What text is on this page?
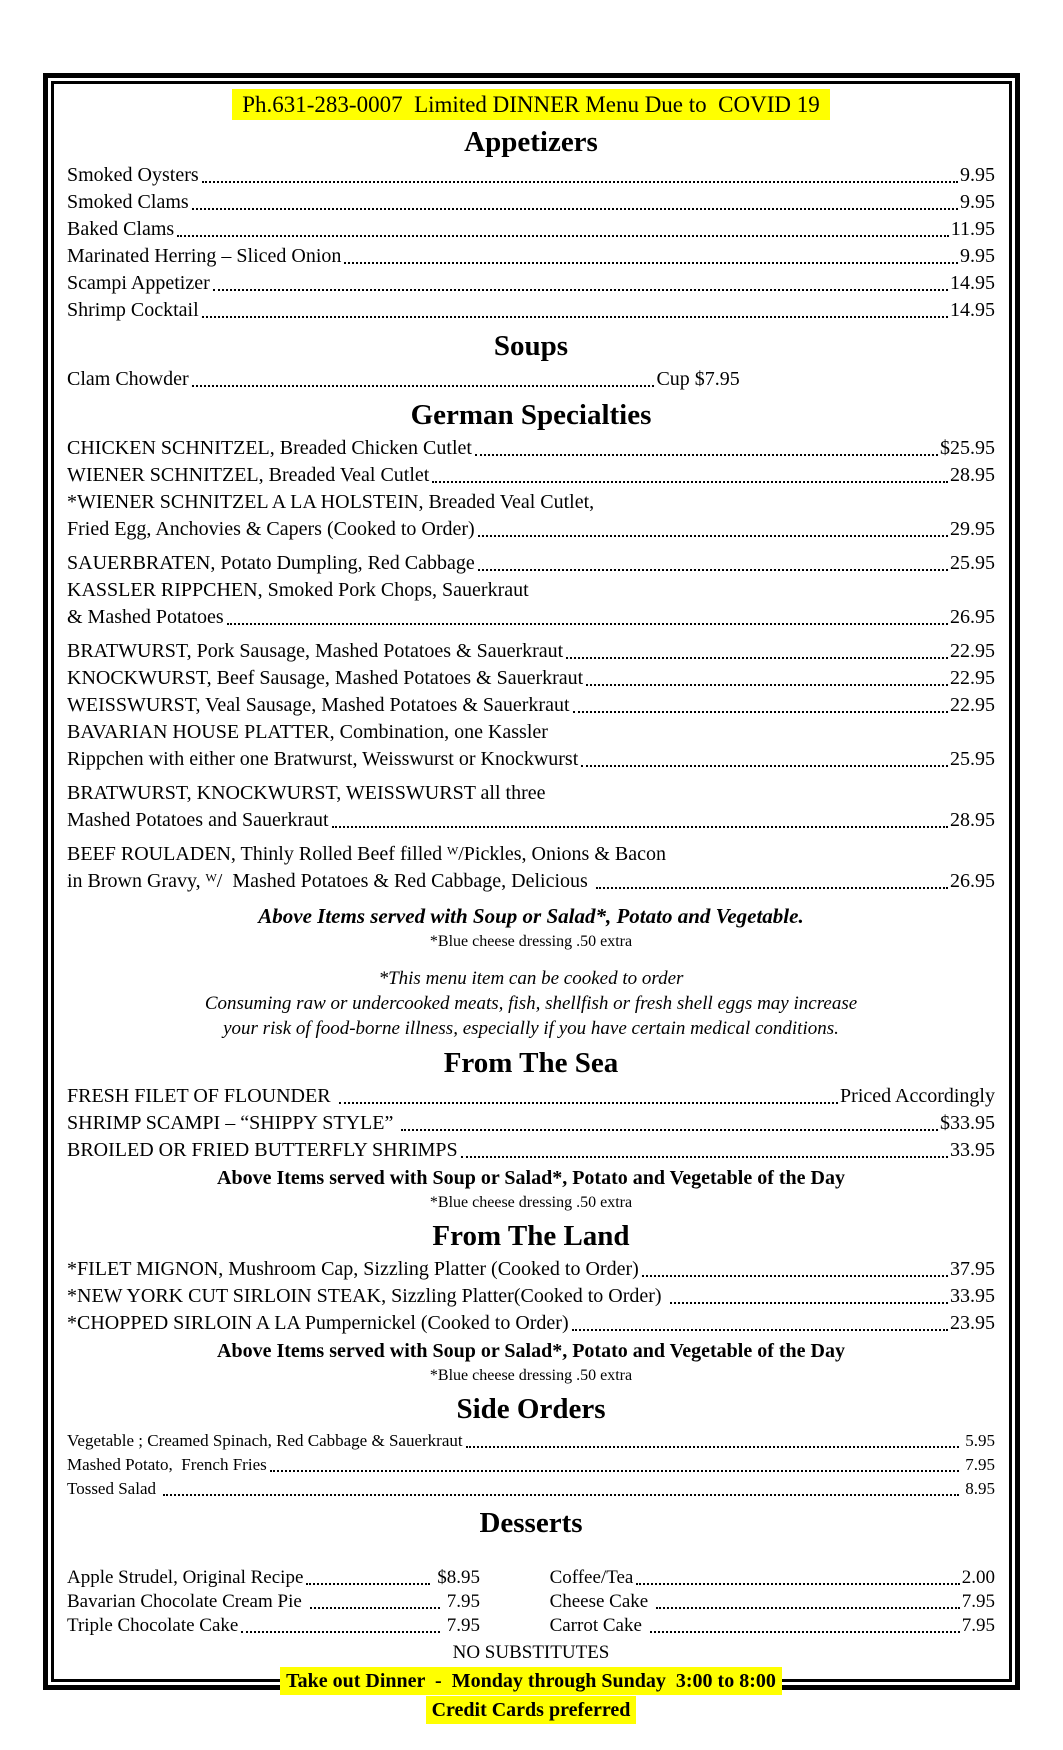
Ph.631-283-0007  Limited DINNER Menu Due to  COVID 19
Appetizers
Smoked Oysters	9.95
Smoked Clams	9.95
Baked Clams	11.95
Marinated Herring – Sliced Onion	9.95
Scampi Appetizer	14.95
Shrimp Cocktail	14.95
Soups
Clam Chowder	Cup $7.95
German Specialties
CHICKEN SCHNITZEL, Breaded Chicken Cutlet	$25.95
WIENER SCHNITZEL, Breaded Veal Cutlet	28.95
*WIENER SCHNITZEL A LA HOLSTEIN, Breaded Veal Cutlet,
Fried Egg, Anchovies & Capers (Cooked to Order)	29.95
SAUERBRATEN, Potato Dumpling, Red Cabbage	25.95
KASSLER RIPPCHEN, Smoked Pork Chops, Sauerkraut
& Mashed Potatoes	26.95
BRATWURST, Pork Sausage, Mashed Potatoes & Sauerkraut	22.95
KNOCKWURST, Beef Sausage, Mashed Potatoes & Sauerkraut	22.95
WEISSWURST, Veal Sausage, Mashed Potatoes & Sauerkraut	22.95
BAVARIAN HOUSE PLATTER, Combination, one Kassler
Rippchen with either one Bratwurst, Weisswurst or Knockwurst	25.95
BRATWURST, KNOCKWURST, WEISSWURST all three
Mashed Potatoes and Sauerkraut	28.95
BEEF ROULADEN, Thinly Rolled Beef filled ᵂ/Pickles, Onions & Bacon
in Brown Gravy, ᵂ/  Mashed Potatoes & Red Cabbage, Delicious	26.95
Above Items served with Soup or Salad*, Potato and Vegetable.
*Blue cheese dressing .50 extra
*This menu item can be cooked to order
Consuming raw or undercooked meats, fish, shellfish or fresh shell eggs may increase
your risk of food-borne illness, especially if you have certain medical conditions.
From The Sea
FRESH FILET OF FLOUNDER	Priced Accordingly
SHRIMP SCAMPI – “SHIPPY STYLE”	$33.95
BROILED OR FRIED BUTTERFLY SHRIMPS	33.95
Above Items served with Soup or Salad*, Potato and Vegetable of the Day
*Blue cheese dressing .50 extra
From The Land
*FILET MIGNON, Mushroom Cap, Sizzling Platter (Cooked to Order)	37.95
*NEW YORK CUT SIRLOIN STEAK, Sizzling Platter(Cooked to Order)	33.95
*CHOPPED SIRLOIN A LA Pumpernickel (Cooked to Order)	23.95
Above Items served with Soup or Salad*, Potato and Vegetable of the Day
*Blue cheese dressing .50 extra
Side Orders
Vegetable ; Creamed Spinach, Red Cabbage & Sauerkraut	5.95
Mashed Potato,  French Fries	7.95
Tossed Salad	8.95
Desserts
Apple Strudel, Original Recipe	$8.95
Bavarian Chocolate Cream Pie	7.95
Triple Chocolate Cake	7.95
Coffee/Tea	2.00
Cheese Cake	7.95
Carrot Cake	7.95
NO SUBSTITUTES
Take out Dinner  -  Monday through Sunday  3:00 to 8:00
Credit Cards preferred
